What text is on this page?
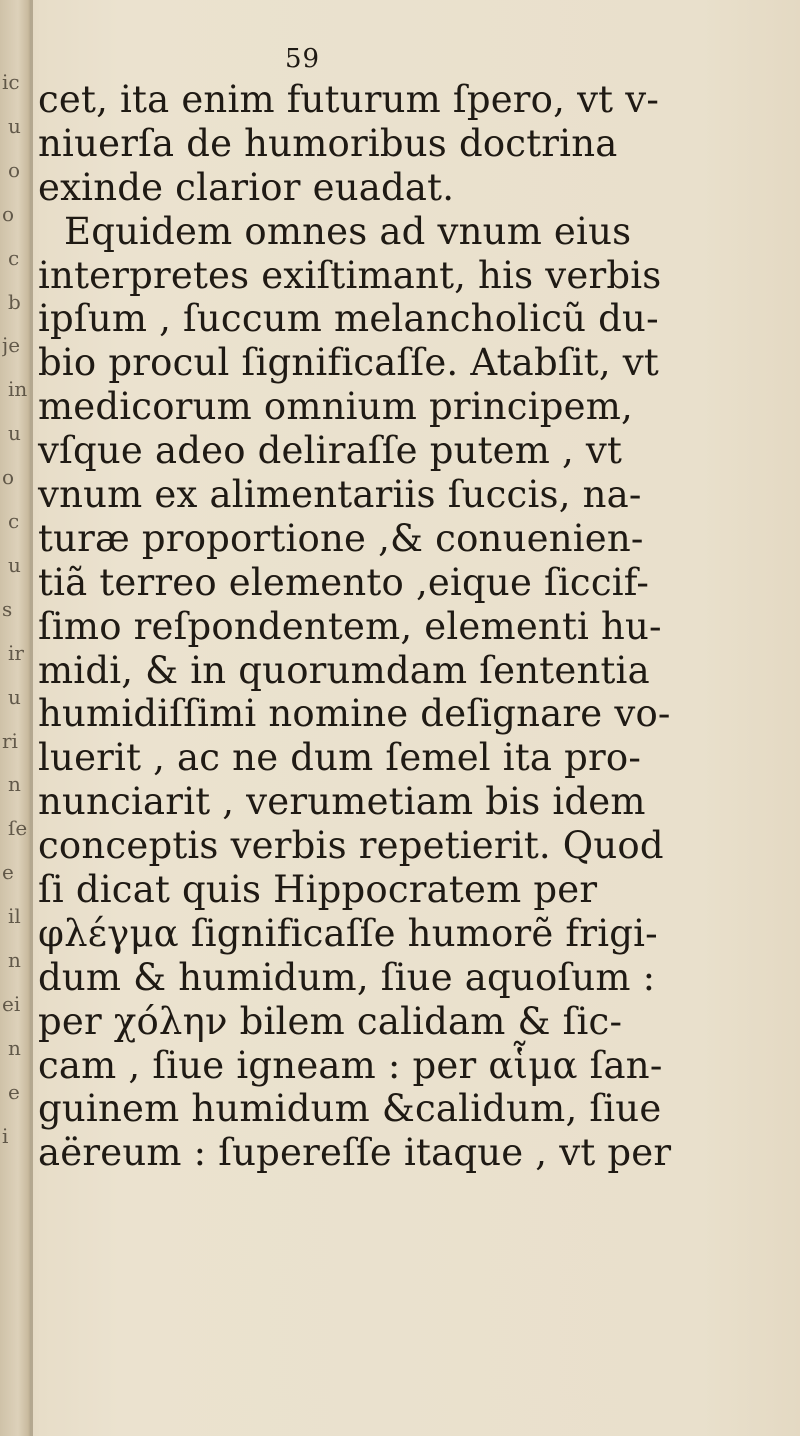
ic
u
o
o
c
b
je
in
u
o
c
u
s
ir
u
ri
n
ſe
e
il
n
ei
n
e
i
59
cet, ita enim futurum ſpero, vt v-
niuerſa de humoribus doctrina
exinde clarior euadat.
Equidem omnes ad vnum eius
interpretes exiſtimant, his verbis
ipſum , ſuccum melancholicũ du-
bio procul ſignificaſſe. Atabſit, vt
medicorum omnium principem,
vſque adeo deliraſſe putem , vt
vnum ex alimentariis ſuccis, na-
turæ proportione ,& conuenien-
tiã terreo elemento ,eique ſiccif-
ſimo reſpondentem, elementi hu-
midi, & in quorumdam ſententia
humidiſſimi nomine deſignare vo-
luerit , ac ne dum ſemel ita pro-
nunciarit , verumetiam bis idem
conceptis verbis repetierit. Quod
ſi dicat quis Hippocratem per
φλέγμα ſignificaſſe humorẽ frigi-
dum & humidum, ſiue aquoſum :
per χόλην bilem calidam & ſic-
cam , ſiue igneam : per αἷμα ſan-
guinem humidum &calidum, ſiue
aëreum : ſupereſſe itaque , vt per
